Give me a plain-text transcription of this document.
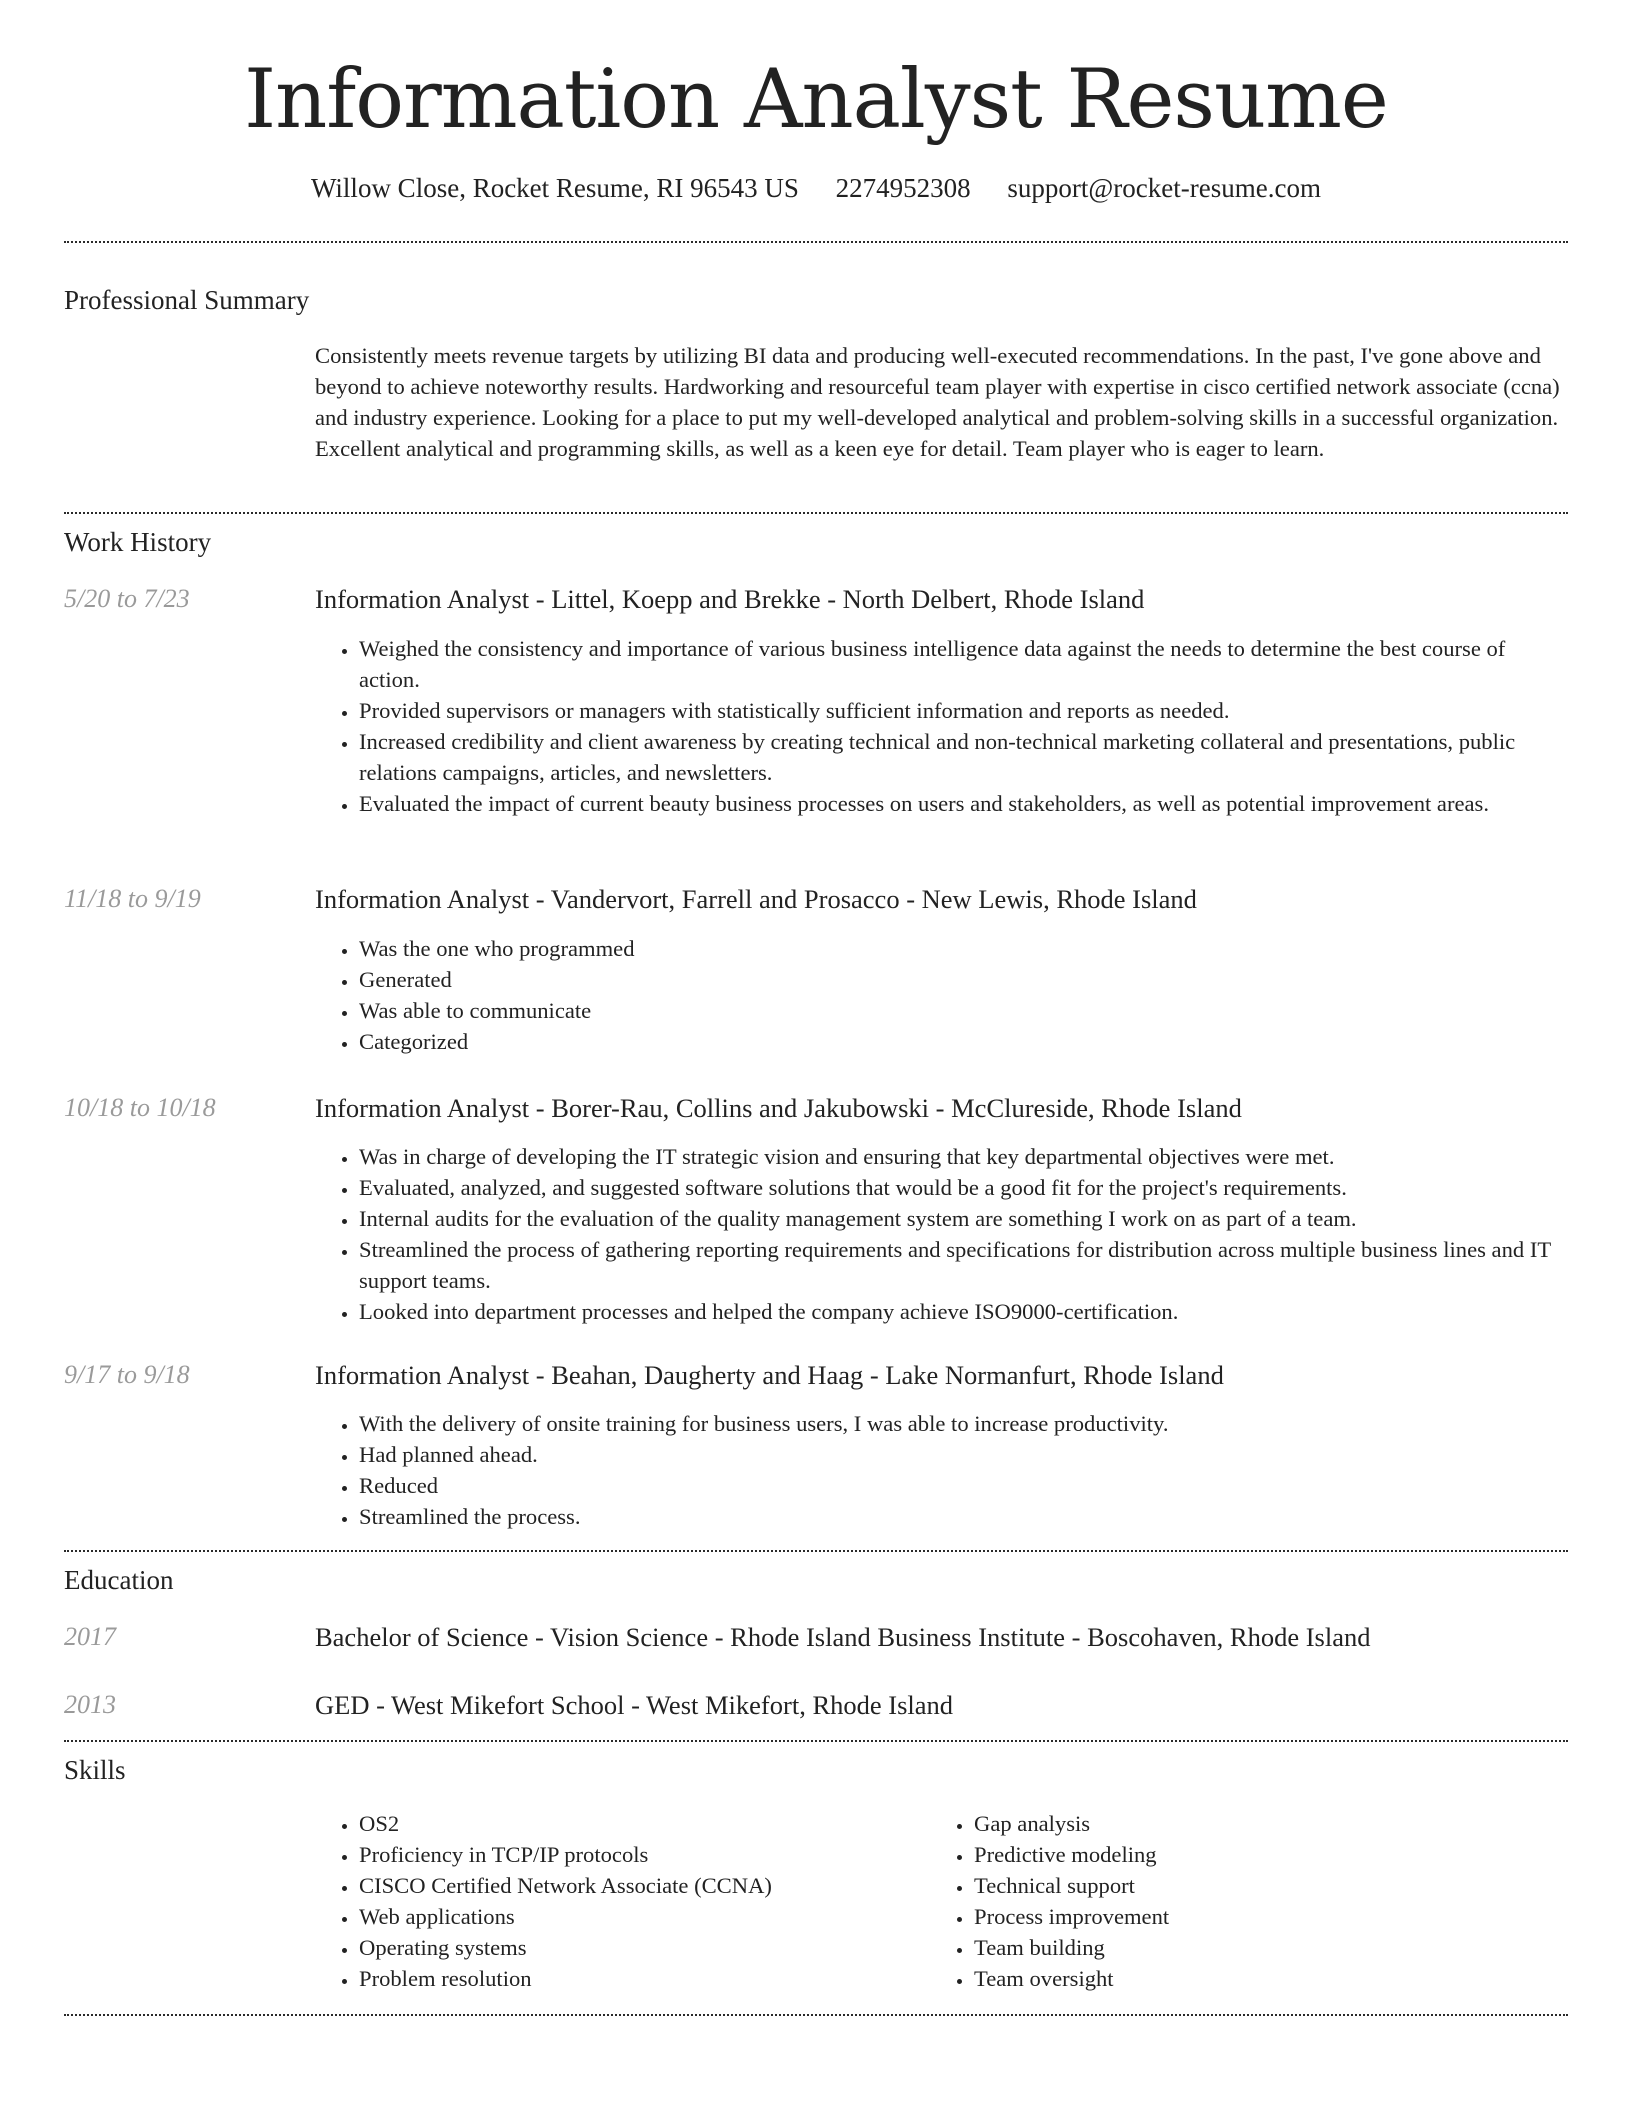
Information Analyst Resume
Willow Close, Rocket Resume, RI 96543 US 2274952308 support@rocket-resume.com
Professional Summary
Consistently meets revenue targets by utilizing BI data and producing well-executed recommendations. In the past, I've gone above and beyond to achieve noteworthy results. Hardworking and resourceful team player with expertise in cisco certified network associate (ccna) and industry experience. Looking for a place to put my well-developed analytical and problem-solving skills in a successful organization. Excellent analytical and programming skills, as well as a keen eye for detail. Team player who is eager to learn.
Work History
5/20 to 7/23	Information Analyst - Littel, Koepp and Brekke - North Delbert, Rhode Island
• Weighed the consistency and importance of various business intelligence data against the needs to determine the best course of action.
• Provided supervisors or managers with statistically sufficient information and reports as needed.
• Increased credibility and client awareness by creating technical and non-technical marketing collateral and presentations, public relations campaigns, articles, and newsletters.
• Evaluated the impact of current beauty business processes on users and stakeholders, as well as potential improvement areas.
11/18 to 9/19	Information Analyst - Vandervort, Farrell and Prosacco - New Lewis, Rhode Island
• Was the one who programmed
• Generated
• Was able to communicate
• Categorized
10/18 to 10/18	Information Analyst - Borer-Rau, Collins and Jakubowski - McClureside, Rhode Island
• Was in charge of developing the IT strategic vision and ensuring that key departmental objectives were met.
• Evaluated, analyzed, and suggested software solutions that would be a good fit for the project's requirements.
• Internal audits for the evaluation of the quality management system are something I work on as part of a team.
• Streamlined the process of gathering reporting requirements and specifications for distribution across multiple business lines and IT support teams.
• Looked into department processes and helped the company achieve ISO9000-certification.
9/17 to 9/18	Information Analyst - Beahan, Daugherty and Haag - Lake Normanfurt, Rhode Island
• With the delivery of onsite training for business users, I was able to increase productivity.
• Had planned ahead.
• Reduced
• Streamlined the process.
Education
2017	Bachelor of Science - Vision Science - Rhode Island Business Institute - Boscohaven, Rhode Island
2013	GED - West Mikefort School - West Mikefort, Rhode Island
Skills
• OS2
• Proficiency in TCP/IP protocols
• CISCO Certified Network Associate (CCNA)
• Web applications
• Operating systems
• Problem resolution
• Gap analysis
• Predictive modeling
• Technical support
• Process improvement
• Team building
• Team oversight
